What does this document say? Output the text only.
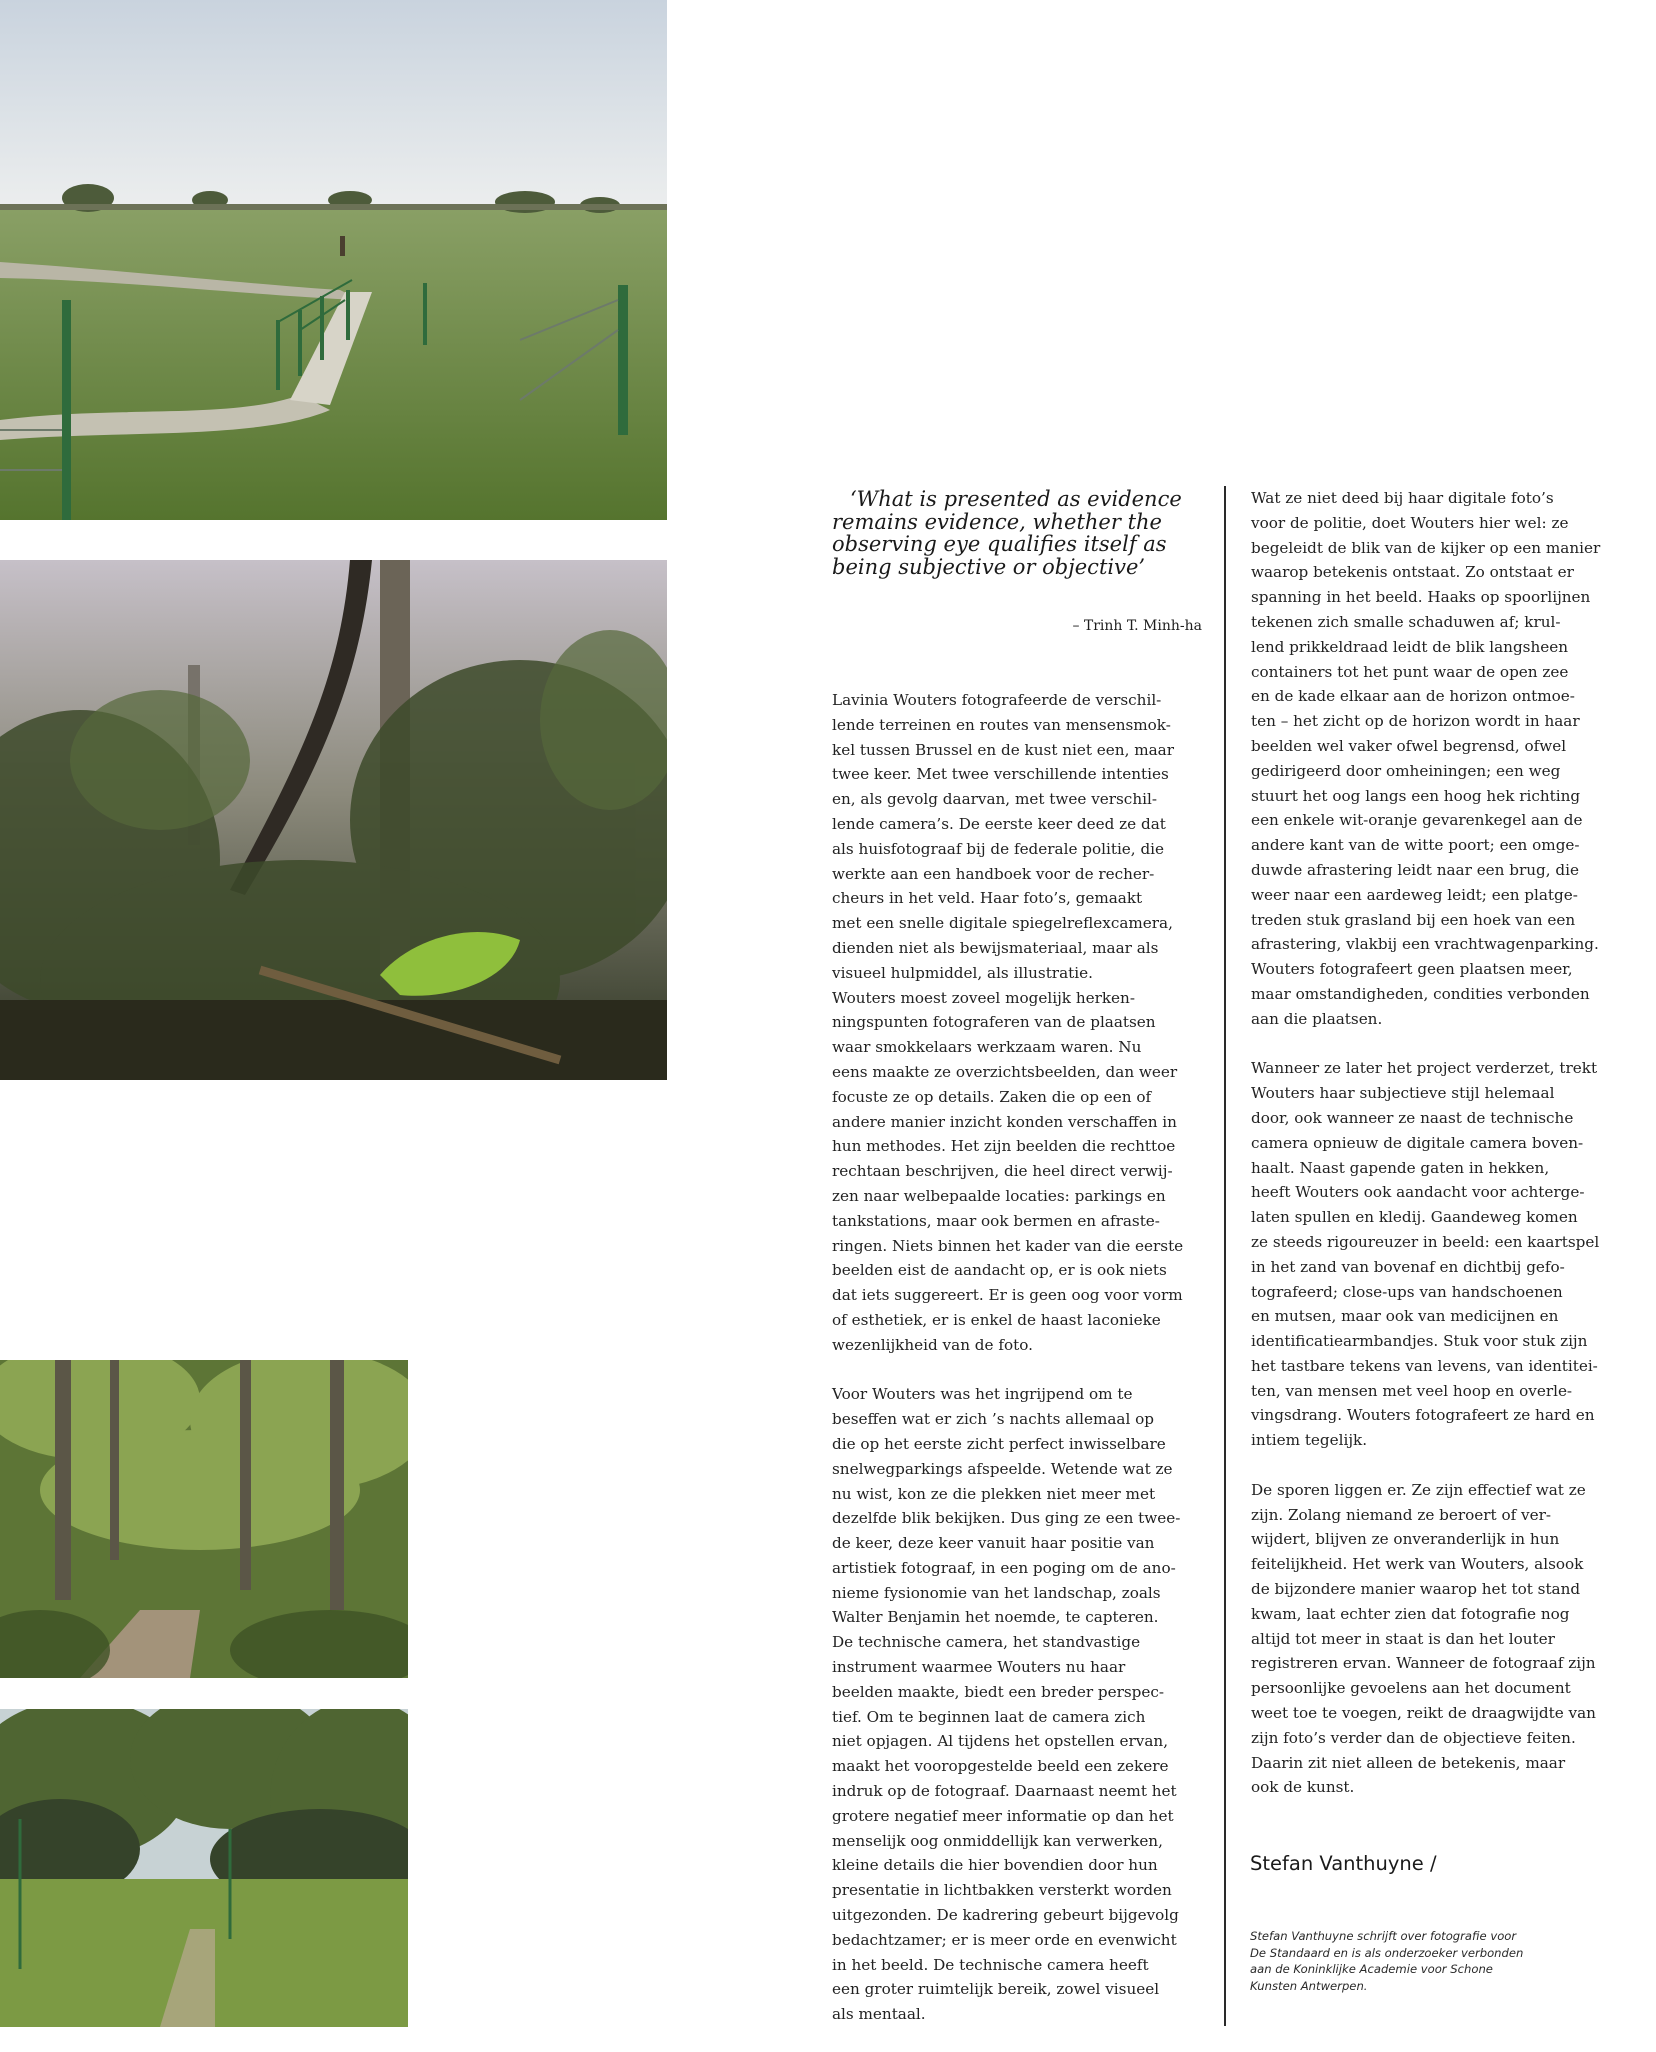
‘What is presented as evidence remains evidence, whether the observing eye qualifies itself as being subjective or objective’

– Trinh T. Minh-ha

Lavinia Wouters fotografeerde de verschil-
lende terreinen en routes van mensensmok-
kel tussen Brussel en de kust niet een, maar
twee keer. Met twee verschillende intenties
en, als gevolg daarvan, met twee verschil-
lende camera’s. De eerste keer deed ze dat
als huisfotograaf bij de federale politie, die
werkte aan een handboek voor de recher-
cheurs in het veld. Haar foto’s, gemaakt
met een snelle digitale spiegelreflexcamera,
dienden niet als bewijsmateriaal, maar als
visueel hulpmiddel, als illustratie.
Wouters moest zoveel mogelijk herken-
ningspunten fotograferen van de plaatsen
waar smokkelaars werkzaam waren. Nu
eens maakte ze overzichtsbeelden, dan weer
focuste ze op details. Zaken die op een of
andere manier inzicht konden verschaffen in
hun methodes. Het zijn beelden die rechttoe
rechtaan beschrijven, die heel direct verwij-
zen naar welbepaalde locaties: parkings en
tankstations, maar ook bermen en afraste-
ringen. Niets binnen het kader van die eerste
beelden eist de aandacht op, er is ook niets
dat iets suggereert. Er is geen oog voor vorm
of esthetiek, er is enkel de haast laconieke
wezenlijkheid van de foto.

Voor Wouters was het ingrijpend om te
beseffen wat er zich ’s nachts allemaal op
die op het eerste zicht perfect inwisselbare
snelwegparkings afspeelde. Wetende wat ze
nu wist, kon ze die plekken niet meer met
dezelfde blik bekijken. Dus ging ze een twee-
de keer, deze keer vanuit haar positie van
artistiek fotograaf, in een poging om de ano-
nieme fysionomie van het landschap, zoals
Walter Benjamin het noemde, te capteren.
De technische camera, het standvastige
instrument waarmee Wouters nu haar
beelden maakte, biedt een breder perspec-
tief. Om te beginnen laat de camera zich
niet opjagen. Al tijdens het opstellen ervan,
maakt het vooropgestelde beeld een zekere
indruk op de fotograaf. Daarnaast neemt het
grotere negatief meer informatie op dan het
menselijk oog onmiddellijk kan verwerken,
kleine details die hier bovendien door hun
presentatie in lichtbakken versterkt worden
uitgezonden. De kadrering gebeurt bijgevolg
bedachtzamer; er is meer orde en evenwicht
in het beeld. De technische camera heeft
een groter ruimtelijk bereik, zowel visueel
als mentaal.

Wat ze niet deed bij haar digitale foto’s
voor de politie, doet Wouters hier wel: ze
begeleidt de blik van de kijker op een manier
waarop betekenis ontstaat. Zo ontstaat er
spanning in het beeld. Haaks op spoorlijnen
tekenen zich smalle schaduwen af; krul-
lend prikkeldraad leidt de blik langsheen
containers tot het punt waar de open zee
en de kade elkaar aan de horizon ontmoe-
ten – het zicht op de horizon wordt in haar
beelden wel vaker ofwel begrensd, ofwel
gedirigeerd door omheiningen; een weg
stuurt het oog langs een hoog hek richting
een enkele wit-oranje gevarenkegel aan de
andere kant van de witte poort; een omge-
duwde afrastering leidt naar een brug, die
weer naar een aardeweg leidt; een platge-
treden stuk grasland bij een hoek van een
afrastering, vlakbij een vrachtwagenparking.
Wouters fotografeert geen plaatsen meer,
maar omstandigheden, condities verbonden
aan die plaatsen.

Wanneer ze later het project verderzet, trekt
Wouters haar subjectieve stijl helemaal
door, ook wanneer ze naast de technische
camera opnieuw de digitale camera boven-
haalt. Naast gapende gaten in hekken,
heeft Wouters ook aandacht voor achterge-
laten spullen en kledij. Gaandeweg komen
ze steeds rigoureuzer in beeld: een kaartspel
in het zand van bovenaf en dichtbij gefo-
tografeerd; close-ups van handschoenen
en mutsen, maar ook van medicijnen en
identificatiearmbandjes. Stuk voor stuk zijn
het tastbare tekens van levens, van identitei-
ten, van mensen met veel hoop en overle-
vingsdrang. Wouters fotografeert ze hard en
intiem tegelijk.

De sporen liggen er. Ze zijn effectief wat ze
zijn. Zolang niemand ze beroert of ver-
wijdert, blijven ze onveranderlijk in hun
feitelijkheid. Het werk van Wouters, alsook
de bijzondere manier waarop het tot stand
kwam, laat echter zien dat fotografie nog
altijd tot meer in staat is dan het louter
registreren ervan. Wanneer de fotograaf zijn
persoonlijke gevoelens aan het document
weet toe te voegen, reikt de draagwijdte van
zijn foto’s verder dan de objectieve feiten.
Daarin zit niet alleen de betekenis, maar
ook de kunst.

Stefan Vanthuyne /

Stefan Vanthuyne schrijft over fotografie voor
De Standaard en is als onderzoeker verbonden
aan de Koninklijke Academie voor Schone
Kunsten Antwerpen.
